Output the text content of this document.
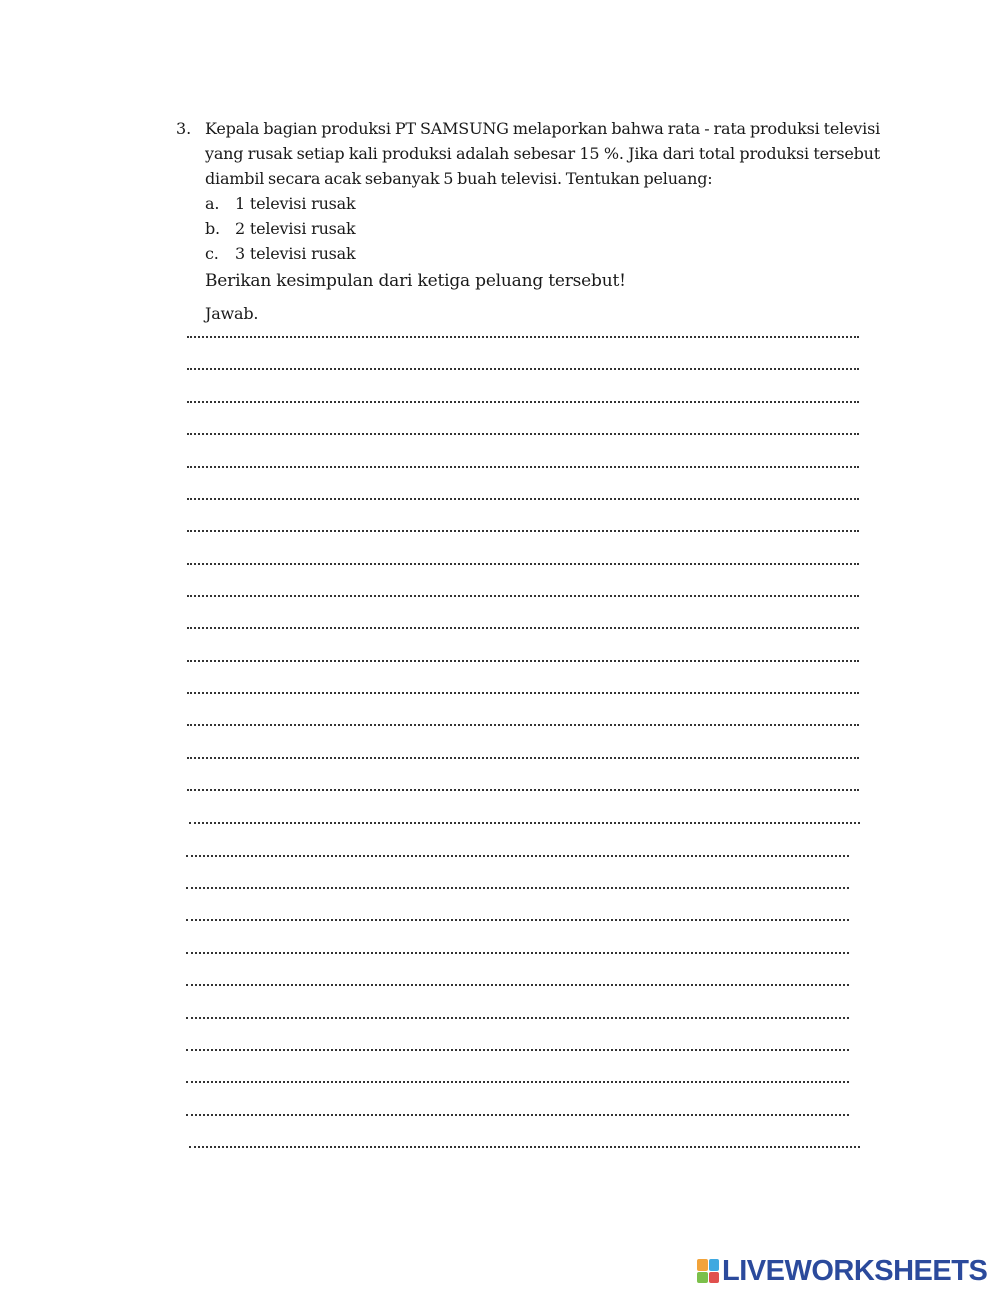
3. Kepala bagian produksi PT SAMSUNG melaporkan bahwa rata - rata produksi televisi yang rusak setiap kali produksi adalah sebesar 15 %. Jika dari total produksi tersebut diambil secara acak sebanyak 5 buah televisi. Tentukan peluang:
a. 1 televisi rusak
b. 2 televisi rusak
c.	3 televisi rusak
Berikan kesimpulan dari ketiga peluang tersebut!
Jawab.
LIVEWORKSHEETS
